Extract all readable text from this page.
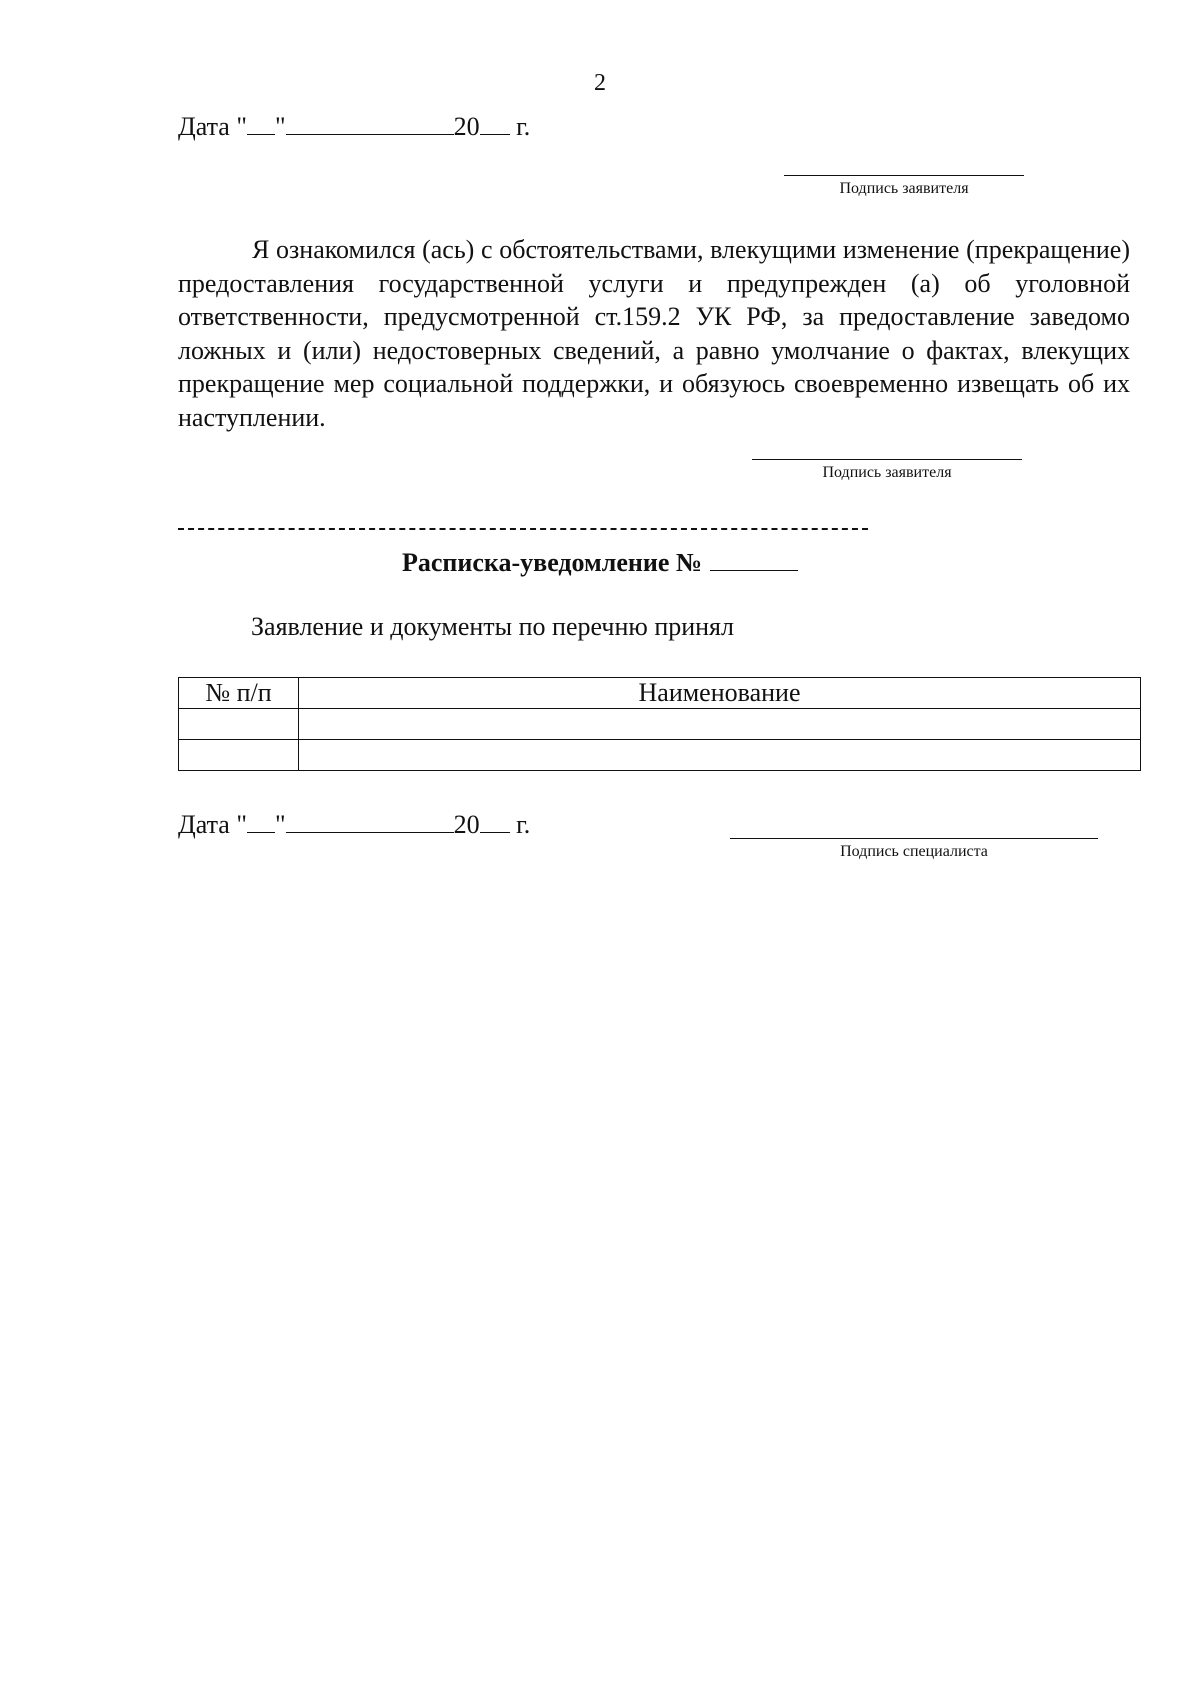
2
Дата " "	20 г.
Подпись заявителя
Я ознакомился (ась) с обстоятельствами, влекущими изменение (прекращение) предоставления государственной услуги и предупрежден (а) об уголовной ответственности, предусмотренной ст.159.2 УК РФ, за предоставление заведомо ложных и (или) недостоверных сведений, а равно умолчание о фактах, влекущих прекращение мер социальной поддержки, и обязуюсь своевременно извещать об их наступлении.
Подпись заявителя
Расписка-уведомление №
Заявление и документы по перечню принял
№ п/п	Наименование

Дата " "	20 г.
Подпись специалиста
